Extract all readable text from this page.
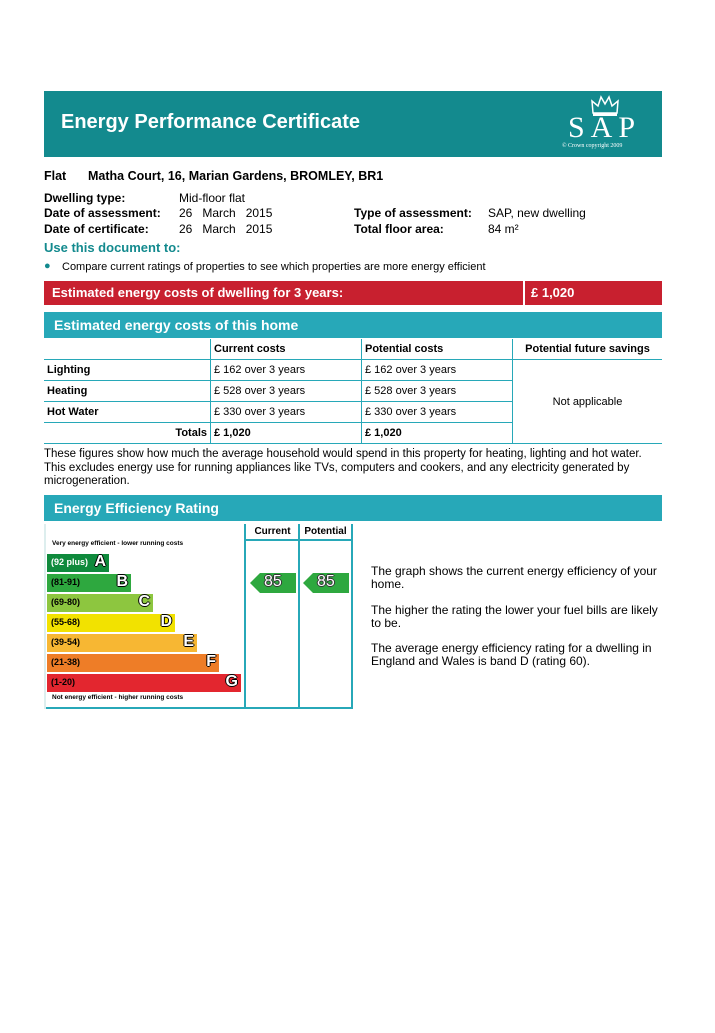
Energy Performance Certificate	SAP
© Crown copyright 2009
Flat Matha Court, 16, Marian Gardens, BROMLEY, BR1
Dwelling type:	Mid-floor flat
Date of assessment: 26   March   2015
Date of certificate:	26   March   2015
Type of assessment: SAP, new dwelling
Total floor area:	84 m²
Use this document to:
● Compare current ratings of properties to see which properties are more energy efficient
Estimated energy costs of dwelling for 3 years:	£ 1,020
Estimated energy costs of this home
	Current costs	Potential costs	Potential future savings
Lighting	£ 162 over 3 years	£ 162 over 3 years	Not applicable
Heating	£ 528 over 3 years	£ 528 over 3 years	
Hot Water	£ 330 over 3 years	£ 330 over 3 years	
Totals	£ 1,020	£ 1,020	
These figures show how much the average household would spend in this property for heating, lighting and hot water. This excludes energy use for running appliances like TVs, computers and cookers, and any electricity generated by microgeneration.
Energy Efficiency Rating
Current	Potential
Very energy efficient - lower running costs
Not energy efficient - higher running costs
(92 plus) A
(81-91) B
(69-80)	C
(55-68)	D
(39-54)	E
(21-38)	F
(1-20)	G
85 85
The graph shows the current energy efficiency of your home.
The higher the rating the lower your fuel bills are likely to be.
The average energy efficiency rating for a dwelling in England and Wales is band D (rating 60).
